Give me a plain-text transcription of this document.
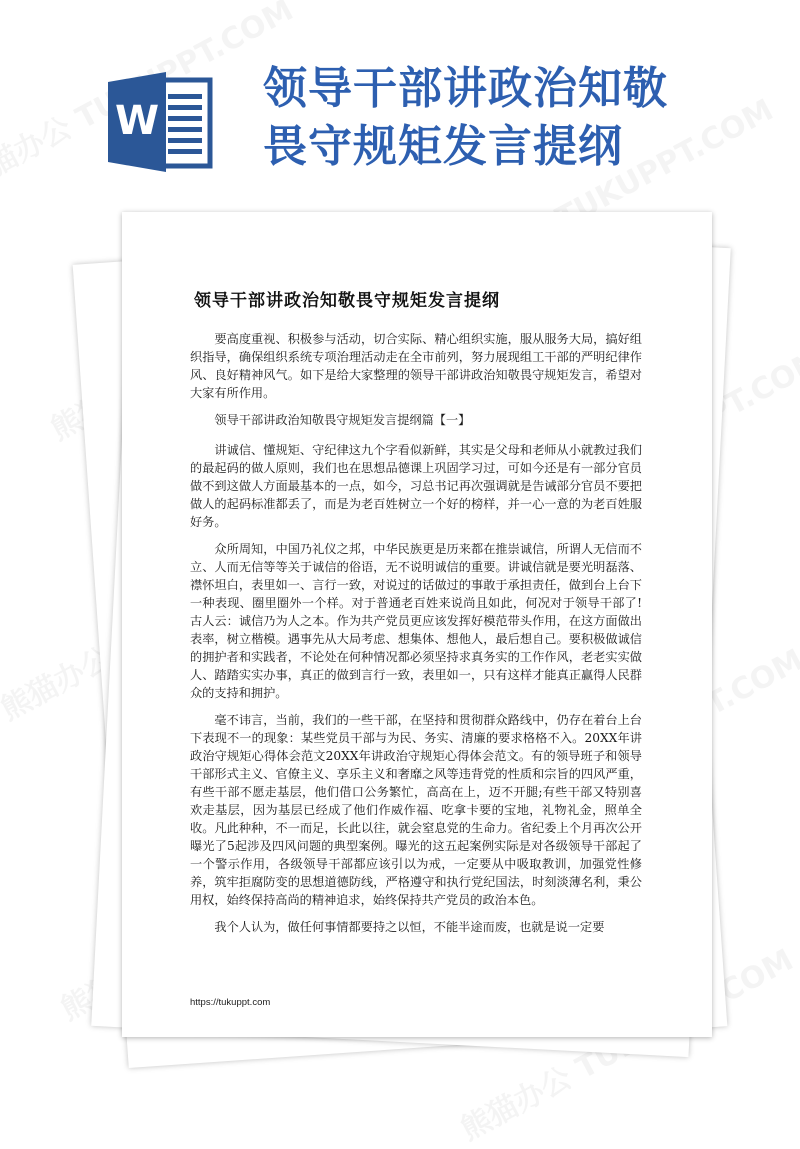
W
领导干部讲政治知敬畏守规矩发言提纲
领导干部讲政治知敬畏守规矩发言提纲

要高度重视、积极参与活动，切合实际、精心组织实施，服从服务大局，搞好组织指导，确保组织系统专项治理活动走在全市前列，努力展现组工干部的严明纪律作风、良好精神风气。如下是给大家整理的领导干部讲政治知敬畏守规矩发言，希望对大家有所作用。

领导干部讲政治知敬畏守规矩发言提纲篇【一】

讲诚信、懂规矩、守纪律这九个字看似新鲜，其实是父母和老师从小就教过我们的最起码的做人原则，我们也在思想品德课上巩固学习过，可如今还是有一部分官员做不到这做人方面最基本的一点，如今，习总书记再次强调就是告诫部分官员不要把做人的起码标准都丢了，而是为老百姓树立一个好的榜样，并一心一意的为老百姓服好务。

众所周知，中国乃礼仪之邦，中华民族更是历来都在推崇诚信，所谓人无信而不立、人而无信等等关于诚信的俗语，无不说明诚信的重要。讲诚信就是要光明磊落、襟怀坦白，表里如一、言行一致，对说过的话做过的事敢于承担责任，做到台上台下一种表现、圈里圈外一个样。对于普通老百姓来说尚且如此，何况对于领导干部了!古人云：诚信乃为人之本。作为共产党员更应该发挥好模范带头作用，在这方面做出表率，树立楷模。遇事先从大局考虑、想集体、想他人，最后想自己。要积极做诚信的拥护者和实践者，不论处在何种情况都必须坚持求真务实的工作作风，老老实实做人、踏踏实实办事，真正的做到言行一致，表里如一，只有这样才能真正赢得人民群众的支持和拥护。

毫不讳言，当前，我们的一些干部，在坚持和贯彻群众路线中，仍存在着台上台下表现不一的现象：某些党员干部与为民、务实、清廉的要求格格不入。20XX年讲政治守规矩心得体会范文20XX年讲政治守规矩心得体会范文。有的领导班子和领导干部形式主义、官僚主义、享乐主义和奢靡之风等违背党的性质和宗旨的四风严重，有些干部不愿走基层，他们借口公务繁忙，高高在上，迈不开腿;有些干部又特别喜欢走基层，因为基层已经成了他们作威作福、吃拿卡要的宝地，礼物礼金，照单全收。凡此种种，不一而足，长此以往，就会窒息党的生命力。省纪委上个月再次公开曝光了5起涉及四风问题的典型案例。曝光的这五起案例实际是对各级领导干部起了一个警示作用，各级领导干部都应该引以为戒，一定要从中吸取教训，加强党性修养，筑牢拒腐防变的思想道德防线，严格遵守和执行党纪国法，时刻淡薄名利，秉公用权，始终保持高尚的精神追求，始终保持共产党员的政治本色。

我个人认为，做任何事情都要持之以恒，不能半途而废，也就是说一定要

https://tukuppt.com
